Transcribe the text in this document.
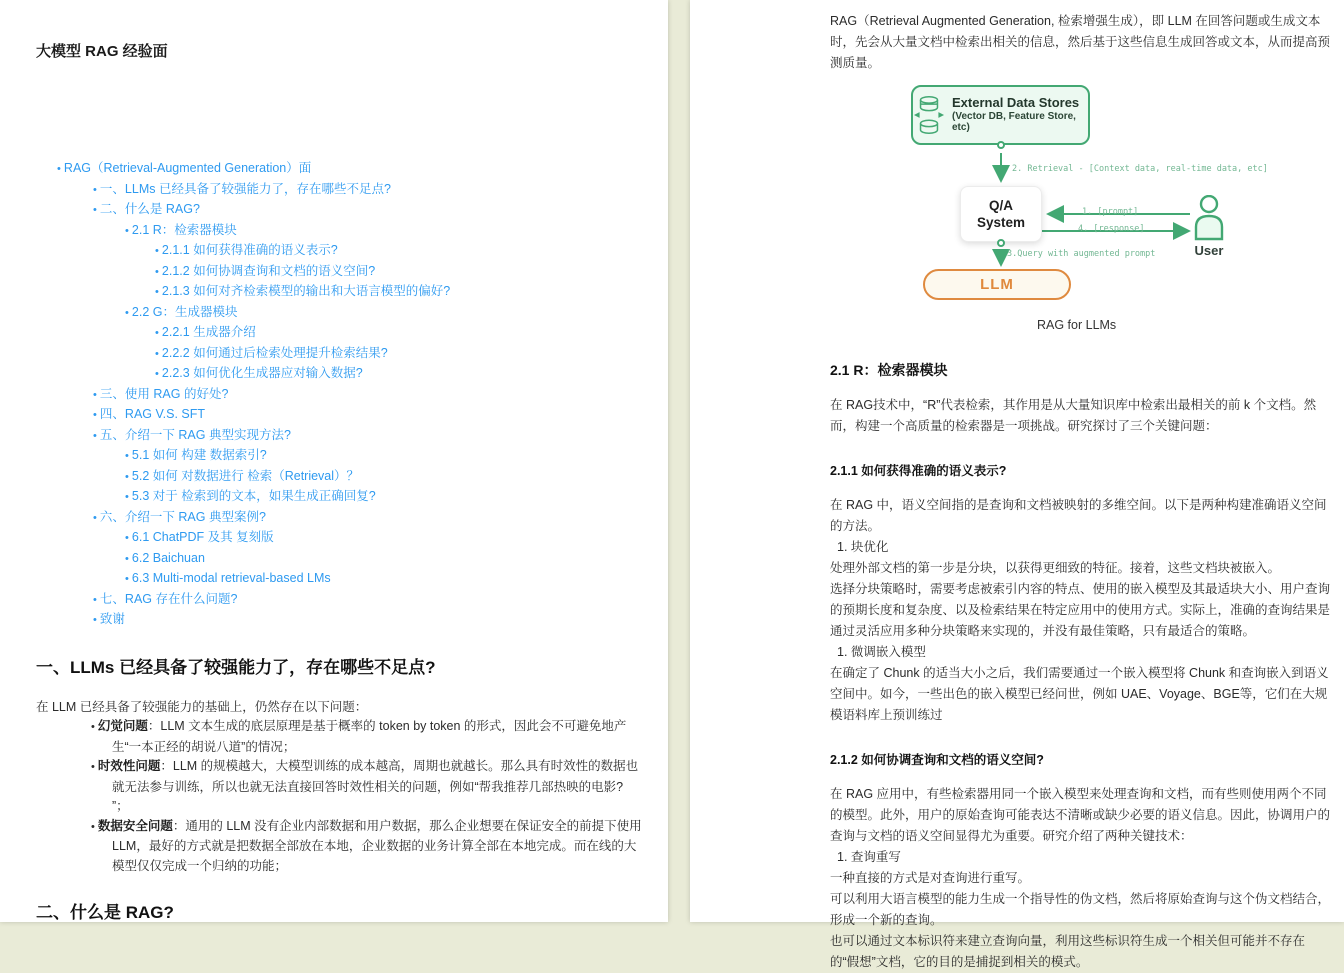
大模型 RAG 经验面
• RAG（Retrieval-Augmented Generation）面
• 一、LLMs 已经具备了较强能力了，存在哪些不足点?
• 二、什么是 RAG?
• 2.1 R：检索器模块
• 2.1.1 如何获得准确的语义表示?
• 2.1.2 如何协调查询和文档的语义空间?
• 2.1.3 如何对齐检索模型的输出和大语言模型的偏好?
• 2.2 G：生成器模块
• 2.2.1 生成器介绍
• 2.2.2 如何通过后检索处理提升检索结果?
• 2.2.3 如何优化生成器应对输入数据?
• 三、使用 RAG 的好处?
• 四、RAG V.S. SFT
• 五、介绍一下 RAG 典型实现方法?
• 5.1 如何 构建 数据索引?
• 5.2 如何 对数据进行 检索（Retrieval）？
• 5.3 对于 检索到的文本，如果生成正确回复?
• 六、介绍一下 RAG 典型案例?
• 6.1 ChatPDF 及其 复刻版
• 6.2 Baichuan
• 6.3 Multi-modal retrieval-based LMs
• 七、RAG 存在什么问题?
• 致谢
一、LLMs 已经具备了较强能力了，存在哪些不足点?

在 LLM 已经具备了较强能力的基础上，仍然存在以下问题：

• 幻觉问题：LLM 文本生成的底层原理是基于概率的 token by token 的形式，因此会不可避免地产生“一本正经的胡说八道”的情况；
• 时效性问题：LLM 的规模越大，大模型训练的成本越高，周期也就越长。那么具有时效性的数据也就无法参与训练，所以也就无法直接回答时效性相关的问题，例如“帮我推荐几部热映的电影? ”；
• 数据安全问题：通用的 LLM 没有企业内部数据和用户数据，那么企业想要在保证安全的前提下使用 LLM，最好的方式就是把数据全部放在本地，企业数据的业务计算全部在本地完成。而在线的大模型仅仅完成一个归纳的功能；
二、什么是 RAG?

RAG（Retrieval Augmented Generation, 检索增强生成），即 LLM 在回答问题或生成文本时，先会从大量文档中检索出相关的信息，然后基于这些信息生成回答或文本，从而提高预测质量。

External Data Stores
(Vector DB, Feature Store, etc)
2. Retrieval - [Context data, real-time data, etc]
Q/A
System
1. [prompt]
4. [response]
User
3.Query with augmented prompt
LLM
RAG for LLMs
2.1 R：检索器模块

在 RAG技术中，“R”代表检索，其作用是从大量知识库中检索出最相关的前 k 个文档。然而，构建一个高质量的检索器是一项挑战。研究探讨了三个关键问题：

2.1.1 如何获得准确的语义表示?

在 RAG 中，语义空间指的是查询和文档被映射的多维空间。以下是两种构建准确语义空间的方法。

1. 块优化

处理外部文档的第一步是分块，以获得更细致的特征。接着，这些文档块被嵌入。

选择分块策略时，需要考虑被索引内容的特点、使用的嵌入模型及其最适块大小、用户查询的预期长度和复杂度、以及检索结果在特定应用中的使用方式。实际上，准确的查询结果是通过灵活应用多种分块策略来实现的，并没有最佳策略，只有最适合的策略。

1. 微调嵌入模型

在确定了 Chunk 的适当大小之后，我们需要通过一个嵌入模型将 Chunk 和查询嵌入到语义空间中。如今，一些出色的嵌入模型已经问世，例如 UAE、Voyage、BGE等，它们在大规模语料库上预训练过

2.1.2 如何协调查询和文档的语义空间?

在 RAG 应用中，有些检索器用同一个嵌入模型来处理查询和文档，而有些则使用两个不同的模型。此外，用户的原始查询可能表达不清晰或缺少必要的语义信息。因此，协调用户的查询与文档的语义空间显得尤为重要。研究介绍了两种关键技术：

1. 查询重写

一种直接的方式是对查询进行重写。

可以利用大语言模型的能力生成一个指导性的伪文档，然后将原始查询与这个伪文档结合，形成一个新的查询。

也可以通过文本标识符来建立查询向量，利用这些标识符生成一个相关但可能并不存在的“假想”文档，它的目的是捕捉到相关的模式。
